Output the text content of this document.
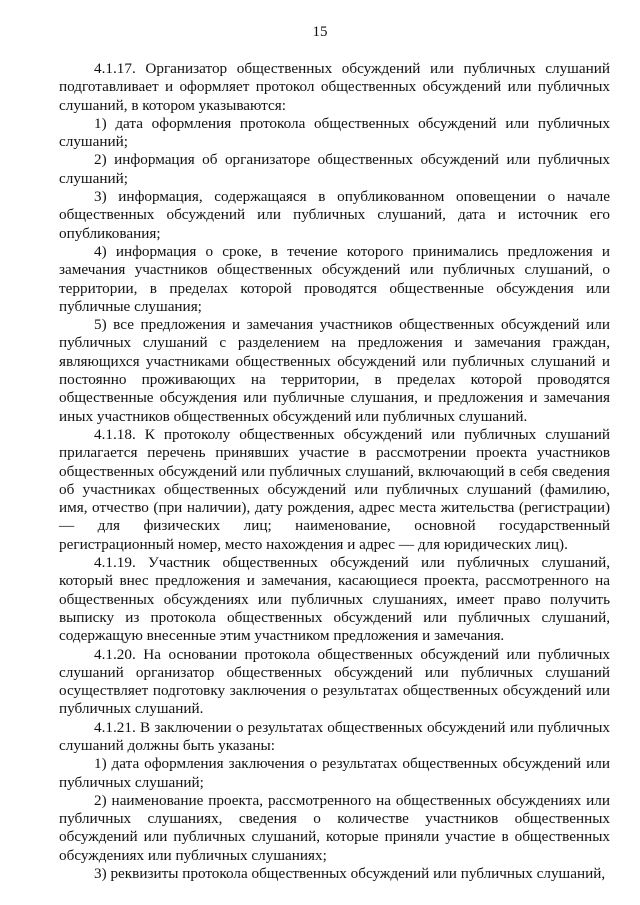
15

4.1.17. Организатор общественных обсуждений или публичных слушаний подготавливает и оформляет протокол общественных обсуждений или публичных слушаний, в котором указываются:

1) дата оформления протокола общественных обсуждений или публичных слушаний;

2) информация об организаторе общественных обсуждений или публичных слушаний;

3) информация, содержащаяся в опубликованном оповещении о начале общественных обсуждений или публичных слушаний, дата и источник его опубликования;

4) информация о сроке, в течение которого принимались предложения и замечания участников общественных обсуждений или публичных слушаний, о территории, в пределах которой проводятся общественные обсуждения или публичные слушания;

5) все предложения и замечания участников общественных обсуждений или публичных слушаний с разделением на предложения и замечания граждан, являющихся участниками общественных обсуждений или публичных слушаний и постоянно проживающих на территории, в пределах которой проводятся общественные обсуждения или публичные слушания, и предложения и замечания иных участников общественных обсуждений или публичных слушаний.

4.1.18. К протоколу общественных обсуждений или публичных слушаний прилагается перечень принявших участие в рассмотрении проекта участников общественных обсуждений или публичных слушаний, включающий в себя сведения об участниках общественных обсуждений или публичных слушаний (фамилию, имя, отчество (при наличии), дату рождения, адрес места жительства (регистрации) — для физических лиц; наименование, основной государственный регистрационный номер, место нахождения и адрес — для юридических лиц).

4.1.19. Участник общественных обсуждений или публичных слушаний, который внес предложения и замечания, касающиеся проекта, рассмотренного на общественных обсуждениях или публичных слушаниях, имеет право получить выписку из протокола общественных обсуждений или публичных слушаний, содержащую внесенные этим участником предложения и замечания.

4.1.20. На основании протокола общественных обсуждений или публичных слушаний организатор общественных обсуждений или публичных слушаний осуществляет подготовку заключения о результатах общественных обсуждений или публичных слушаний.

4.1.21. В заключении о результатах общественных обсуждений или публичных слушаний должны быть указаны:

1) дата оформления заключения о результатах общественных обсуждений или публичных слушаний;

2) наименование проекта, рассмотренного на общественных обсуждениях или публичных слушаниях, сведения о количестве участников общественных обсуждений или публичных слушаний, которые приняли участие в общественных обсуждениях или публичных слушаниях;

3) реквизиты протокола общественных обсуждений или публичных слушаний,
